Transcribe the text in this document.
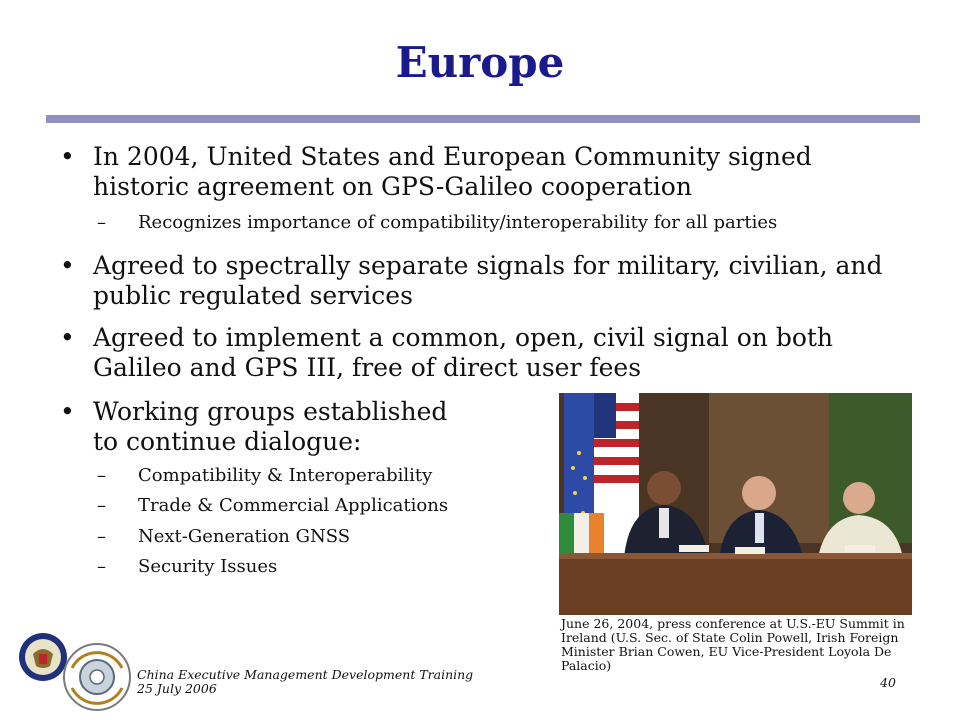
Europe
• In 2004, United States and European Community signed
historic agreement on GPS-Galileo cooperation
– Recognizes importance of compatibility/interoperability for all parties
• Agreed to spectrally separate signals for military, civilian, and
public regulated services
• Agreed to implement a common, open, civil signal on both
Galileo and GPS III, free of direct user fees
• Working groups established
to continue dialogue:
– Compatibility & Interoperability
– Trade & Commercial Applications
– Next-Generation GNSS
– Security Issues
June 26, 2004, press conference at U.S.-EU Summit in
Ireland (U.S. Sec. of State Colin Powell, Irish Foreign
Minister Brian Cowen, EU Vice-President Loyola De Palacio)
China Executive Management Development Training
25 July 2006	40
